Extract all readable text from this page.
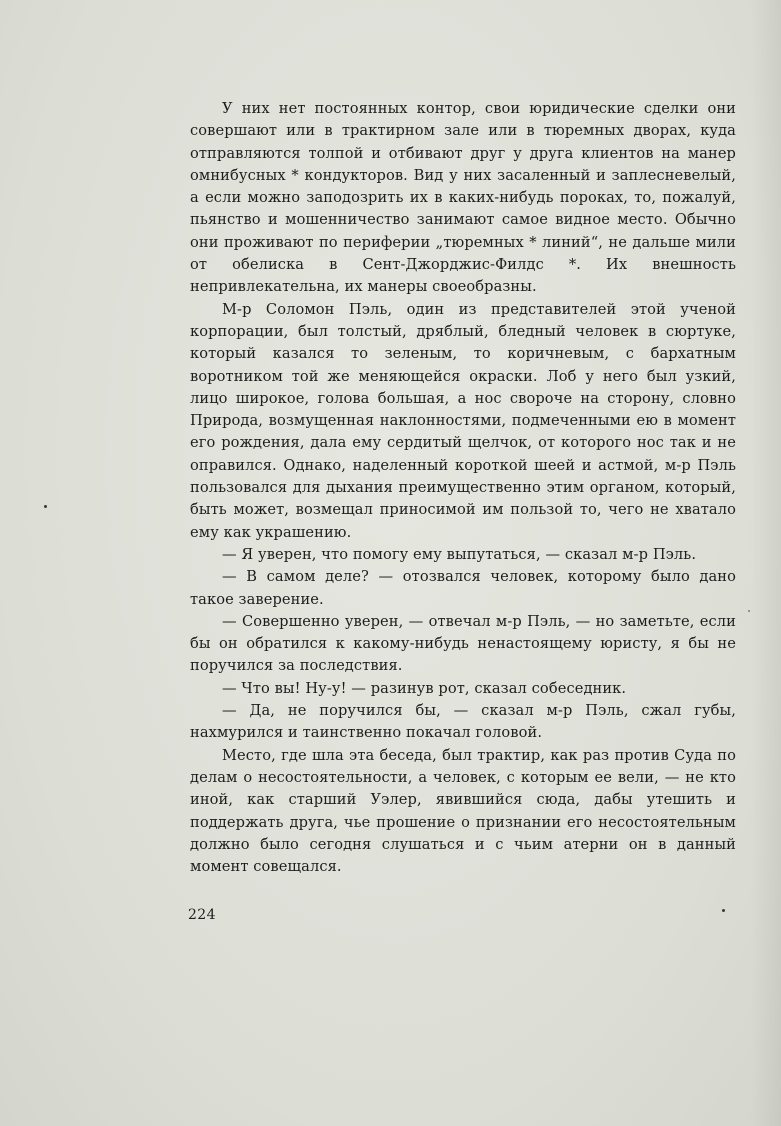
У них нет постоянных контор, свои юридические сделки они совершают или в трактирном зале или в тюремных дворах, куда отправляются толпой и отбивают друг у друга клиентов на манер омнибусных * кондукторов. Вид у них засаленный и заплесневелый, а если можно заподозрить их в каких-нибудь пороках, то, пожалуй, пьянство и мошенничество занимают самое видное место. Обычно они проживают по периферии „тюремных * линий“, не дальше мили от обелиска в Сент-Джорджис-Филдс *. Их внешность непривлекательна, их манеры своеобразны.

М-р Соломон Пэль, один из представителей этой ученой корпорации, был толстый, дряблый, бледный человек в сюртуке, который казался то зеленым, то коричневым, с бархатным воротником той же меняющейся окраски. Лоб у него был узкий, лицо широкое, голова большая, а нос свороче на сторону, словно Природа, возмущенная наклонностями, подмеченными ею в момент его рождения, дала ему сердитый щелчок, от которого нос так и не оправился. Однако, наделенный короткой шеей и астмой, м-р Пэль пользовался для дыхания преимущественно этим органом, который, быть может, возмещал приносимой им пользой то, чего не хватало ему как украшению.

— Я уверен, что помогу ему выпутаться, — сказал м-р Пэль.

— В самом деле? — отозвался человек, которому было дано такое заверение.

— Совершенно уверен, — отвечал м-р Пэль, — но заметьте, если бы он обратился к какому-нибудь ненастоящему юристу, я бы не поручился за последствия.

— Что вы! Ну-у! — разинув рот, сказал собеседник.

— Да, не поручился бы, — сказал м-р Пэль, сжал губы, нахмурился и таинственно покачал головой.

Место, где шла эта беседа, был трактир, как раз против Суда по делам о несостоятельности, а человек, с которым ее вели, — не кто иной, как старший Уэлер, явившийся сюда, дабы утешить и поддержать друга, чье прошение о признании его несостоятельным должно было сегодня слушаться и с чьим атерни он в данный момент совещался.

224
